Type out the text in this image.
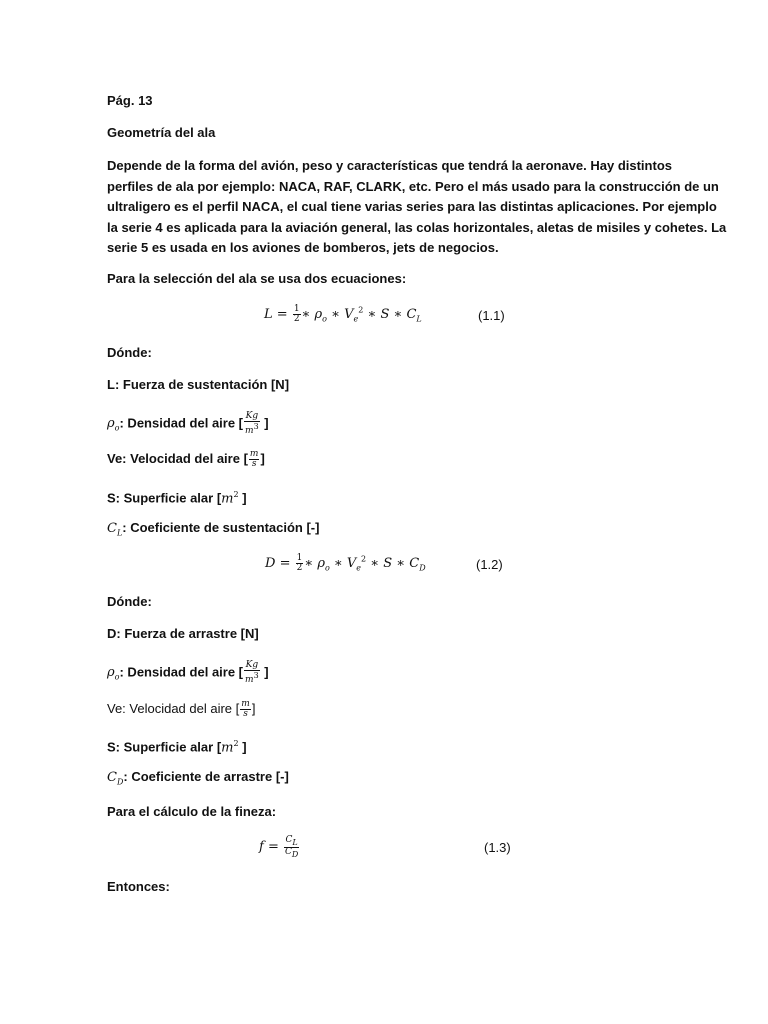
Pág. 13
Geometría del ala
Depende de la forma del avión, peso y características que tendrá la aeronave. Hay distintos
perfiles de ala por ejemplo: NACA, RAF, CLARK, etc. Pero el más usado para la construcción de un
ultraligero es el perfil NACA, el cual tiene varias series para las distintas aplicaciones. Por ejemplo
la serie 4 es aplicada para la aviación general, las colas horizontales, aletas de misiles y cohetes. La
serie 5 es usada en los aviones de bomberos, jets de negocios.
Para la selección del ala se usa dos ecuaciones:
$L = \frac{1}{2}$ ∗ $\rho_o$ ∗ $V_e^2$ ∗ S ∗ $C_L$	(1.1)
Dónde:
L: Fuerza de sustentación [N]
$\rho_o$: Densidad del aire [ $\frac{Kg}{m^3}$ ]
Ve: Velocidad del aire [ $\frac{m}{s}$ ]
S: Superficie alar [$m^2$ ]
$C_L$: Coeficiente de sustentación [-]
$D = \frac{1}{2}$ ∗ $\rho_o$ ∗ $V_e^2$ ∗ S ∗ $C_D$	(1.2)
Dónde:
D: Fuerza de arrastre [N]
$\rho_o$: Densidad del aire [ $\frac{Kg}{m^3}$ ]
Ve: Velocidad del aire [ $\frac{m}{s}$ ]
S: Superficie alar [$m^2$ ]
$C_D$: Coeficiente de arrastre [-]
Para el cálculo de la fineza:
$f = \frac{C_L}{C_D}$	(1.3)
Entonces:
